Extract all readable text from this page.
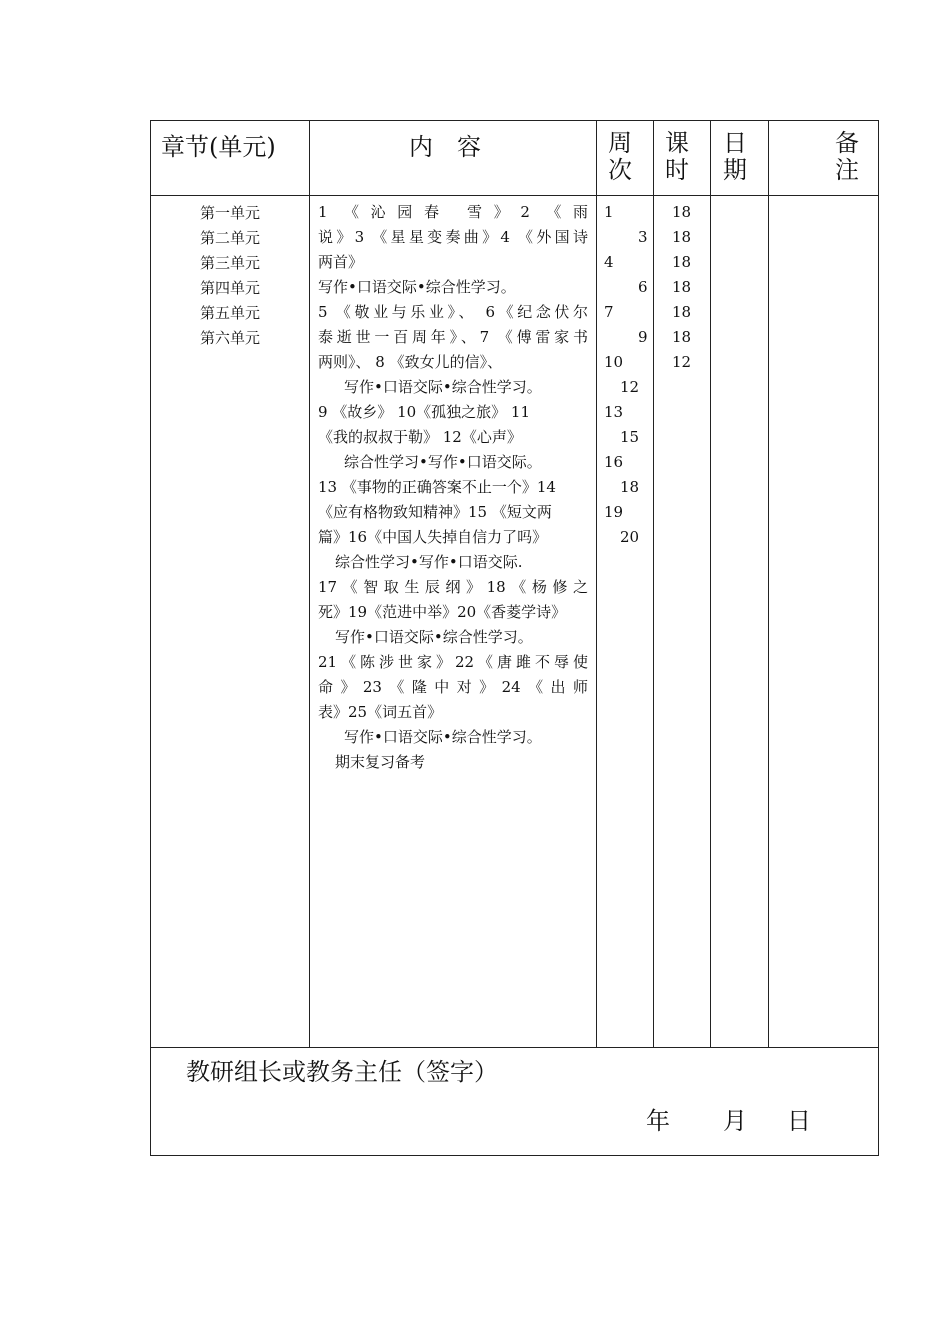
章节(单元)	内　容	周
次
课
时
日
期
备
注
第一单元
第二单元
第三单元
第四单元
第五单元
第六单元
1 《沁园春 雪》2 《雨
说》3 《星星变奏曲》4 《外国诗
两首》
写作•口语交际•综合性学习。
5 《敬业与乐业》、 6《纪念伏尔
泰逝世一百周年》、7 《傅雷家书
两则》、 8 《致女儿的信》、
写作•口语交际•综合性学习。
9 《故乡》 10《孤独之旅》 11
《我的叔叔于勒》 12《心声》
综合性学习•写作•口语交际。
13 《事物的正确答案不止一个》14
《应有格物致知精神》15 《短文两
篇》16《中国人失掉自信力了吗》
综合性学习•写作•口语交际.
17《智取生辰纲》18《杨修之
死》19《范进中举》20《香菱学诗》
写作•口语交际•综合性学习。
21《陈涉世家》22《唐雎不辱使
命》23《隆中对》24《出师
表》25《词五首》
写作•口语交际•综合性学习。
期末复习备考
1
3
4
6
7
9
10
12
13
15
16
18
19
20
18
18
18
18
18
18
12
教研组长或教务主任（签字）
年 月 日
